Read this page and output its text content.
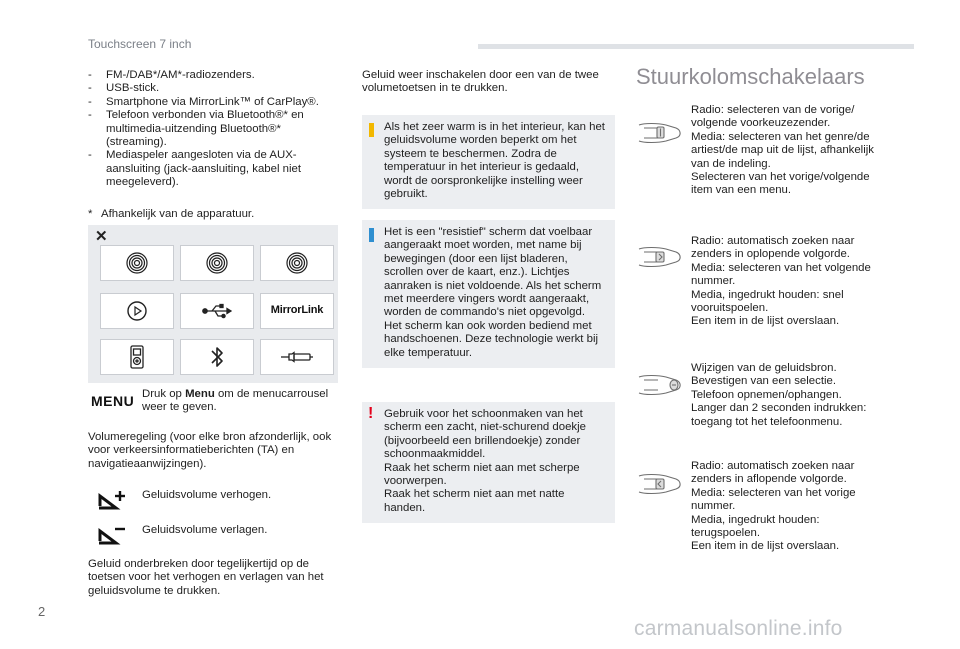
Touchscreen 7 inch
- FM-/DAB*/AM*-radiozenders.
- USB-stick.
- Smartphone via MirrorLink™ of CarPlay®.
- Telefoon verbonden via Bluetooth®* en multimedia-uitzending Bluetooth®* (streaming).
- Mediaspeler aangesloten via de AUX-aansluiting (jack-aansluiting, kabel niet meegeleverd).
* Afhankelijk van de apparatuur.
✕
MirrorLink
MENU Druk op Menu om de menucarrousel weer te geven.
Volumeregeling (voor elke bron afzonderlijk, ook voor verkeersinformatieberichten (TA) en navigatieaanwijzingen).
Geluidsvolume verhogen.
Geluidsvolume verlagen.
Geluid onderbreken door tegelijkertijd op de toetsen voor het verhogen en verlagen van het geluidsvolume te drukken.
Geluid weer inschakelen door een van de twee volumetoetsen in te drukken.
Als het zeer warm is in het interieur, kan het geluidsvolume worden beperkt om het systeem te beschermen. Zodra de temperatuur in het interieur is gedaald, wordt de oorspronkelijke instelling weer gebruikt.
Het is een "resistief" scherm dat voelbaar aangeraakt moet worden, met name bij bewegingen (door een lijst bladeren, scrollen over de kaart, enz.). Lichtjes aanraken is niet voldoende. Als het scherm met meerdere vingers wordt aangeraakt, worden de commando's niet opgevolgd.
Het scherm kan ook worden bediend met handschoenen. Deze technologie werkt bij elke temperatuur.
! Gebruik voor het schoonmaken van het scherm een zacht, niet-schurend doekje (bijvoorbeeld een brillendoekje) zonder schoonmaakmiddel.
Raak het scherm niet aan met scherpe voorwerpen.
Raak het scherm niet aan met natte handen.
Stuurkolomschakelaars
Radio: selecteren van de vorige/ volgende voorkeuzezender.
Media: selecteren van het genre/de artiest/de map uit de lijst, afhankelijk van de indeling.
Selecteren van het vorige/volgende item van een menu.
Radio: automatisch zoeken naar zenders in oplopende volgorde.
Media: selecteren van het volgende nummer.
Media, ingedrukt houden: snel vooruitspoelen.
Een item in de lijst overslaan.
Wijzigen van de geluidsbron.
Bevestigen van een selectie.
Telefoon opnemen/ophangen.
Langer dan 2 seconden indrukken: toegang tot het telefoonmenu.
Radio: automatisch zoeken naar zenders in aflopende volgorde.
Media: selecteren van het vorige nummer.
Media, ingedrukt houden: terugspoelen.
Een item in de lijst overslaan.
2
carmanualsonline.info
